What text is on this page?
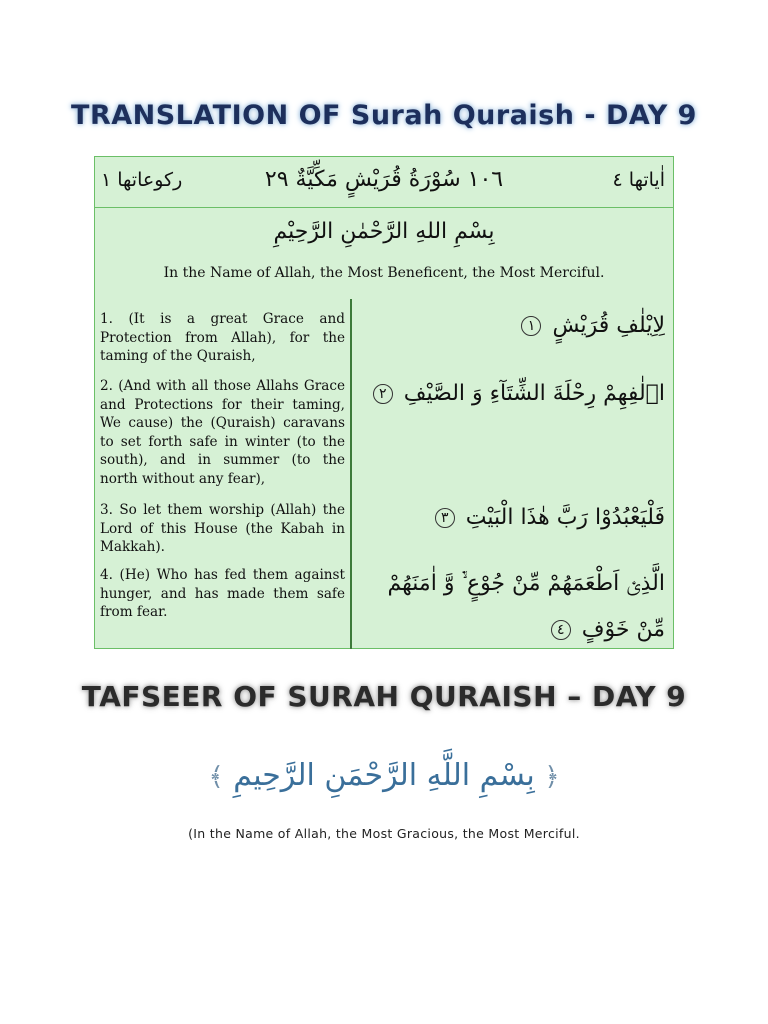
TRANSLATION OF Surah Quraish - DAY 9
ركوعاتها ١	١٠٦ سُوْرَةُ قُرَيْشٍ مَكِّيَّةٌ ٢٩	اٰياتها ٤
بِسْمِ اللهِ الرَّحْمٰنِ الرَّحِيْمِ
In the Name of Allah, the Most Beneficent, the Most Merciful.
1. (It is a great Grace and Protection from Allah), for the taming of the Quraish,
لِاِيْلٰفِ قُرَيْشٍ ١
2. (And with all those Allahs Grace and Protections for their taming, We cause) the (Quraish) caravans to set forth safe in winter (to the south), and in summer (to the north without any fear),
اٖلٰفِهِمْ رِحْلَةَ الشِّتَآءِ وَ الصَّيْفِ ٢
3. So let them worship (Allah) the Lord of this House (the Kabah in Makkah).
فَلْيَعْبُدُوْا رَبَّ هٰذَا الْبَيْتِ ٣
4. (He) Who has fed them against hunger, and has made them safe from fear.
الَّذِیْۤ اَطْعَمَهُمْ مِّنْ جُوْعٍ ۙ۬ وَّ اٰمَنَهُمْ مِّنْ خَوْفٍ ٤
TAFSEER OF SURAH QURAISH – DAY 9
﴿ بِسْمِ اللَّهِ الرَّحْمَنِ الرَّحِيمِ ﴾
(In the Name of Allah, the Most Gracious, the Most Merciful.
